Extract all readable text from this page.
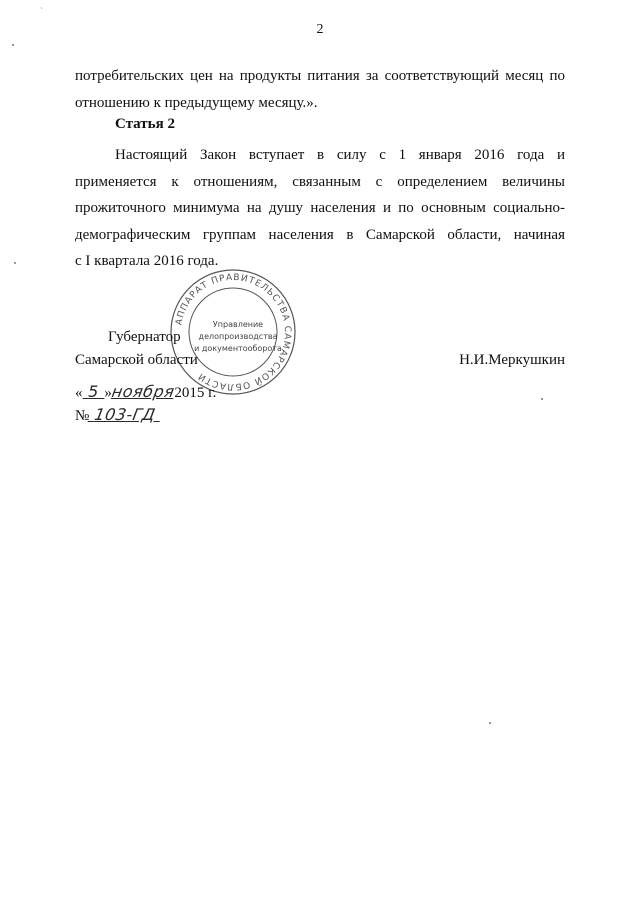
`
2
потребительских цен на продукты питания за соответствующий месяц по
отношению к предыдущему месяцу.».
Статья 2
Настоящий Закон вступает в силу с 1 января 2016 года и
применяется к отношениям, связанным с определением величины
прожиточного минимума на душу населения и по основным социально-
демографическим группам населения в Самарской области, начиная
с I квартала 2016 года.
АППАРАТ ПРАВИТЕЛЬСТВА САМАРСКОЙ ОБЛАСТИ
Управление
делопроизводства
и документооборота
Губернатор
Самарской области	Н.И.Меркушкин
« 5 »ноября2015 г.
№ 103-ГД
